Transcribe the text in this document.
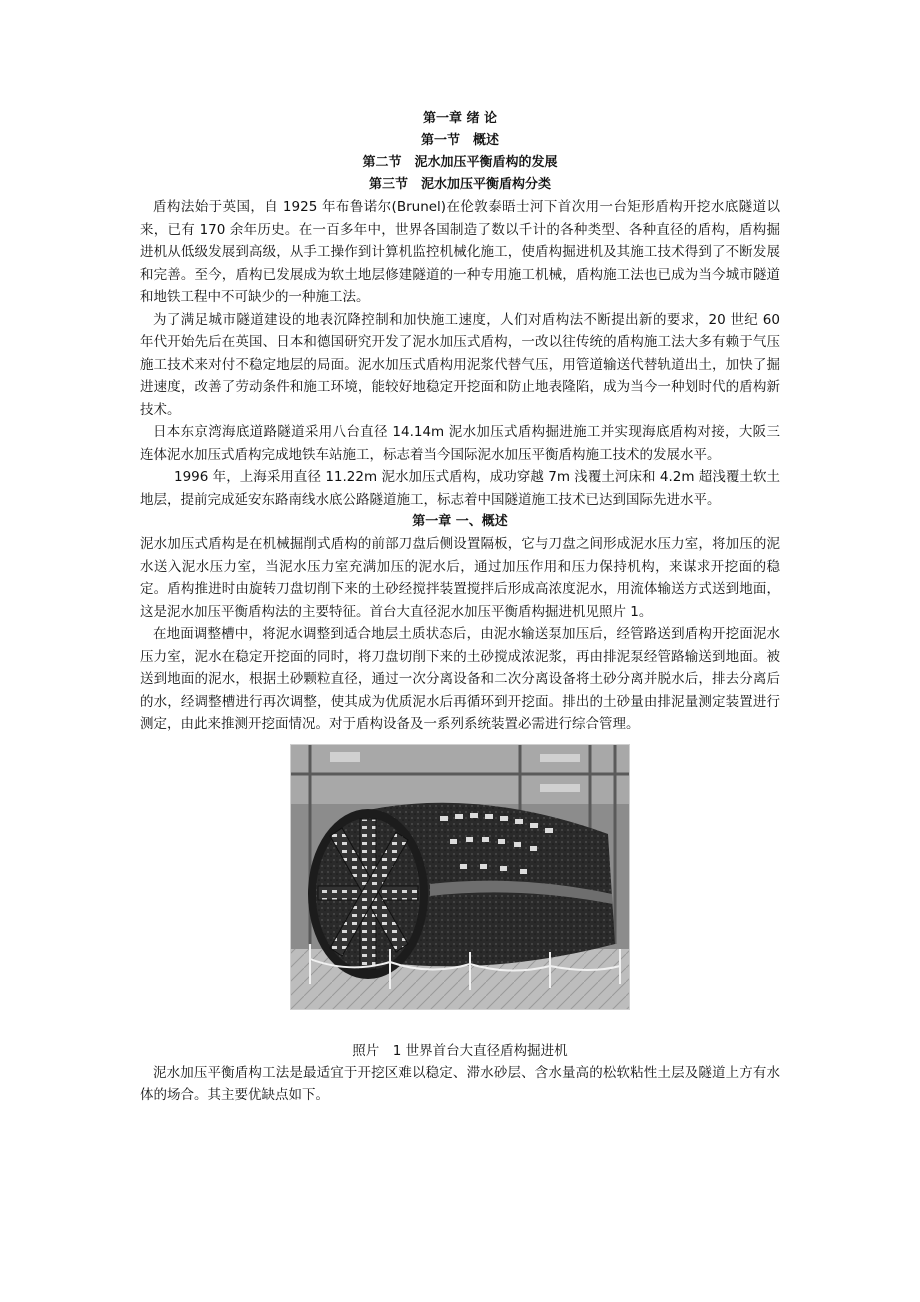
第一章 绪 论

第一节　概述

第二节　泥水加压平衡盾构的发展

第三节　泥水加压平衡盾构分类

盾构法始于英国，自 1925 年布鲁诺尔(Brunel)在伦敦泰晤士河下首次用一台矩形盾构开挖水底隧道以来，已有 170 余年历史。在一百多年中，世界各国制造了数以千计的各种类型、各种直径的盾构，盾构掘进机从低级发展到高级，从手工操作到计算机监控机械化施工，使盾构掘进机及其施工技术得到了不断发展和完善。至今，盾构已发展成为软土地层修建隧道的一种专用施工机械，盾构施工法也已成为当今城市隧道和地铁工程中不可缺少的一种施工法。

为了满足城市隧道建设的地表沉降控制和加快施工速度，人们对盾构法不断提出新的要求，20 世纪 60 年代开始先后在英国、日本和德国研究开发了泥水加压式盾构，一改以往传统的盾构施工法大多有赖于气压施工技术来对付不稳定地层的局面。泥水加压式盾构用泥浆代替气压，用管道输送代替轨道出土，加快了掘进速度，改善了劳动条件和施工环境，能较好地稳定开挖面和防止地表隆陷，成为当今一种划时代的盾构新技术。

日本东京湾海底道路隧道采用八台直径 14.14m 泥水加压式盾构掘进施工并实现海底盾构对接，大阪三连体泥水加压式盾构完成地铁车站施工，标志着当今国际泥水加压平衡盾构施工技术的发展水平。

1996 年，上海采用直径 11.22m 泥水加压式盾构，成功穿越 7m 浅覆土河床和 4.2m 超浅覆土软土地层，提前完成延安东路南线水底公路隧道施工，标志着中国隧道施工技术已达到国际先进水平。

第一章 一、概述

泥水加压式盾构是在机械掘削式盾构的前部刀盘后侧设置隔板，它与刀盘之间形成泥水压力室，将加压的泥水送入泥水压力室，当泥水压力室充满加压的泥水后，通过加压作用和压力保持机构，来谋求开挖面的稳定。盾构推进时由旋转刀盘切削下来的土砂经搅拌装置搅拌后形成高浓度泥水，用流体输送方式送到地面，这是泥水加压平衡盾构法的主要特征。首台大直径泥水加压平衡盾构掘进机见照片 1。

在地面调整槽中，将泥水调整到适合地层土质状态后，由泥水输送泵加压后，经管路送到盾构开挖面泥水压力室，泥水在稳定开挖面的同时，将刀盘切削下来的土砂搅成浓泥浆，再由排泥泵经管路输送到地面。被送到地面的泥水，根据土砂颗粒直径，通过一次分离设备和二次分离设备将土砂分离并脱水后，排去分离后的水，经调整槽进行再次调整，使其成为优质泥水后再循环到开挖面。排出的土砂量由排泥量测定装置进行测定，由此来推测开挖面情况。对于盾构设备及一系列系统装置必需进行综合管理。

照片　1 世界首台大直径盾构掘进机

泥水加压平衡盾构工法是最适宜于开挖区难以稳定、滞水砂层、含水量高的松软粘性土层及隧道上方有水体的场合。其主要优缺点如下。
